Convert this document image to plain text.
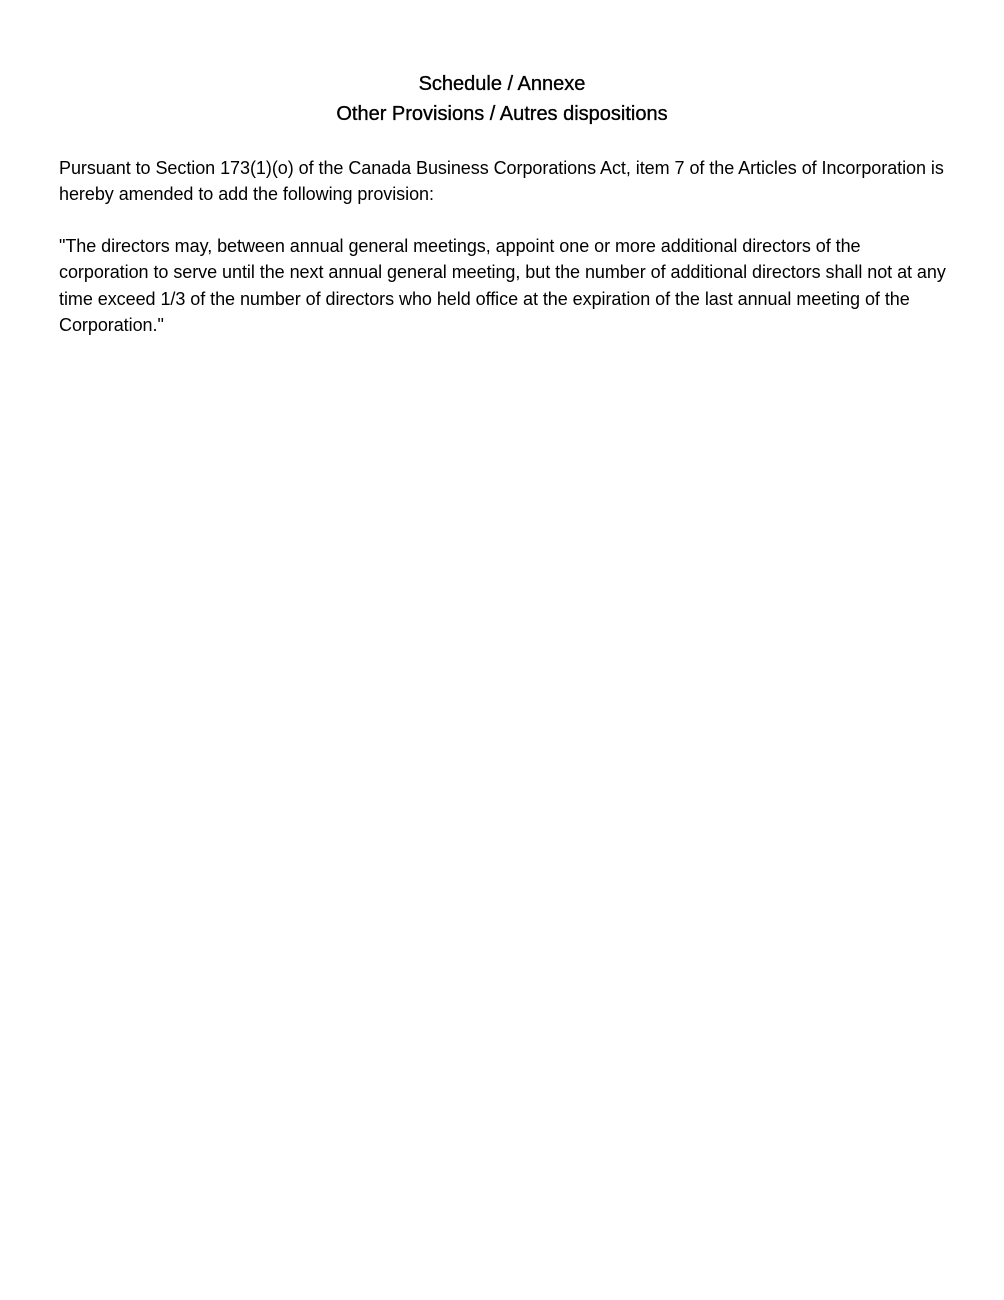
Schedule / Annexe
Other Provisions / Autres dispositions

Pursuant to Section 173(1)(o) of the Canada Business Corporations Act, item 7 of the Articles of Incorporation is hereby amended to add the following provision:

"The directors may, between annual general meetings, appoint one or more additional directors of the corporation to serve until the next annual general meeting, but the number of additional directors shall not at any time exceed 1/3 of the number of directors who held office at the expiration of the last annual meeting of the Corporation."
